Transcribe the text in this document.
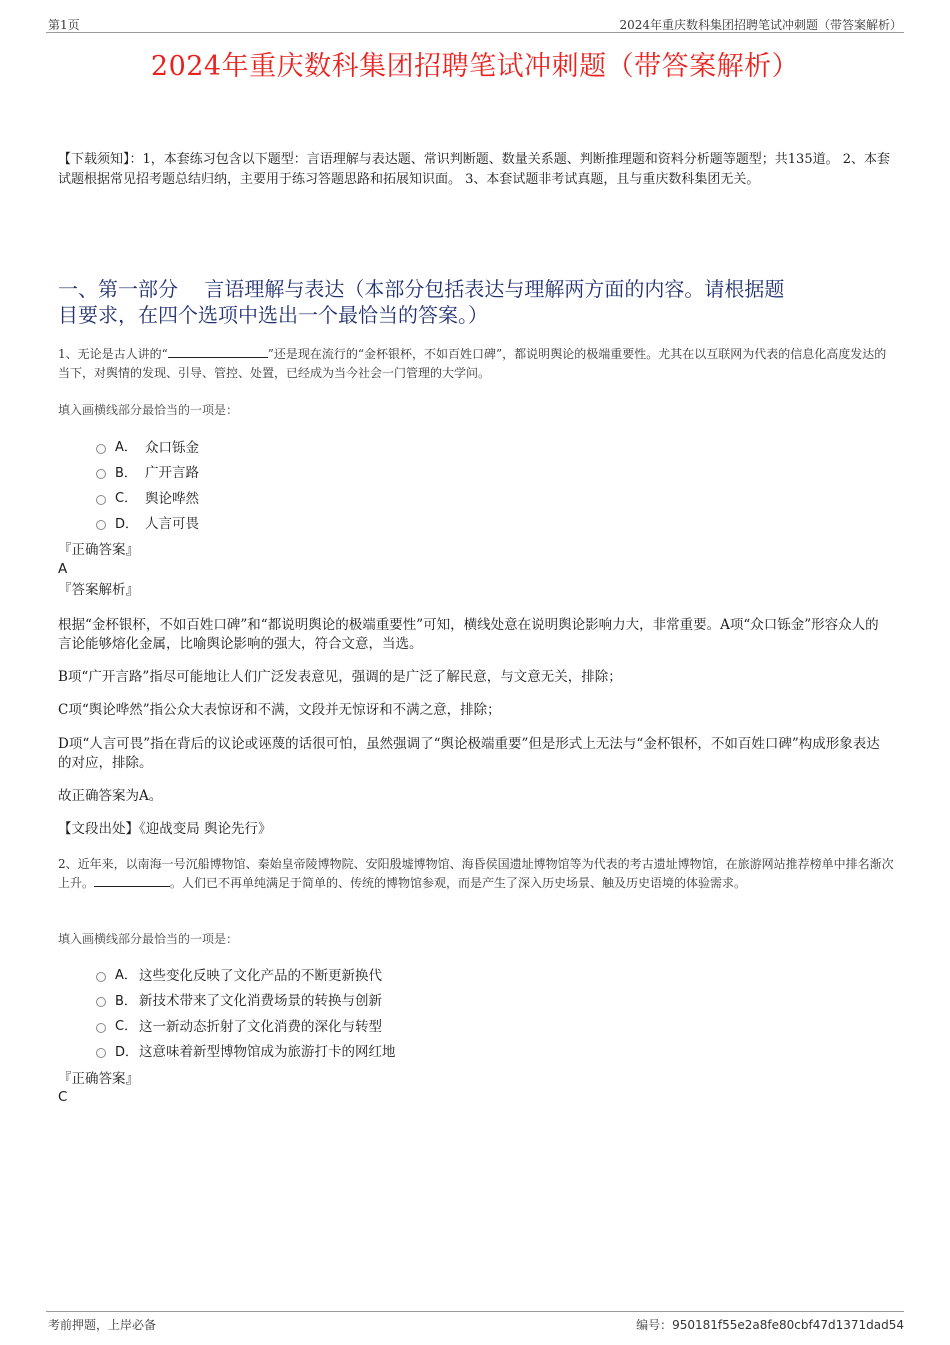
第1页	2024年重庆数科集团招聘笔试冲刺题（带答案解析）
2024年重庆数科集团招聘笔试冲刺题（带答案解析）
【下载须知】：1，本套练习包含以下题型：言语理解与表达题、常识判断题、数量关系题、判断推理题和资料分析题等题型；共135道。 2、本套试题根据常见招考题总结归纳，主要用于练习答题思路和拓展知识面。 3、本套试题非考试真题，且与重庆数科集团无关。
一、第一部分　 言语理解与表达（本部分包括表达与理解两方面的内容。请根据题
目要求，在四个选项中选出一个最恰当的答案。）
1、无论是古人讲的“	”还是现在流行的“金杯银杯，不如百姓口碑”，都说明舆论的极端重要性。尤其在以互联网为代表的信息化高度发达的当下，对舆情的发现、引导、管控、处置，已经成为当今社会一门管理的大学问。
填入画横线部分最恰当的一项是：
A． 众口铄金
B． 广开言路
C． 舆论哗然
D． 人言可畏
『正确答案』
A
『答案解析』
根据“金杯银杯，不如百姓口碑”和“都说明舆论的极端重要性”可知，横线处意在说明舆论影响力大，非常重要。A项“众口铄金”形容众人的言论能够熔化金属，比喻舆论影响的强大，符合文意，当选。
B项“广开言路”指尽可能地让人们广泛发表意见，强调的是广泛了解民意，与文意无关，排除；
C项“舆论哗然”指公众大表惊讶和不满，文段并无惊讶和不满之意，排除；
D项“人言可畏”指在背后的议论或诬蔑的话很可怕，虽然强调了“舆论极端重要”但是形式上无法与“金杯银杯，不如百姓口碑”构成形象表达的对应，排除。
故正确答案为A。
【文段出处】《迎战变局 舆论先行》
2、近年来，以南海一号沉船博物馆、秦始皇帝陵博物院、安阳殷墟博物馆、海昏侯国遗址博物馆等为代表的考古遗址博物馆，在旅游网站推荐榜单中排名渐次上升。	。人们已不再单纯满足于简单的、传统的博物馆参观，而是产生了深入历史场景、触及历史语境的体验需求。
填入画横线部分最恰当的一项是：
A． 这些变化反映了文化产品的不断更新换代
B． 新技术带来了文化消费场景的转换与创新
C． 这一新动态折射了文化消费的深化与转型
D． 这意味着新型博物馆成为旅游打卡的网红地
『正确答案』
C
考前押题，上岸必备	编号：950181f55e2a8fe80cbf47d1371dad54
